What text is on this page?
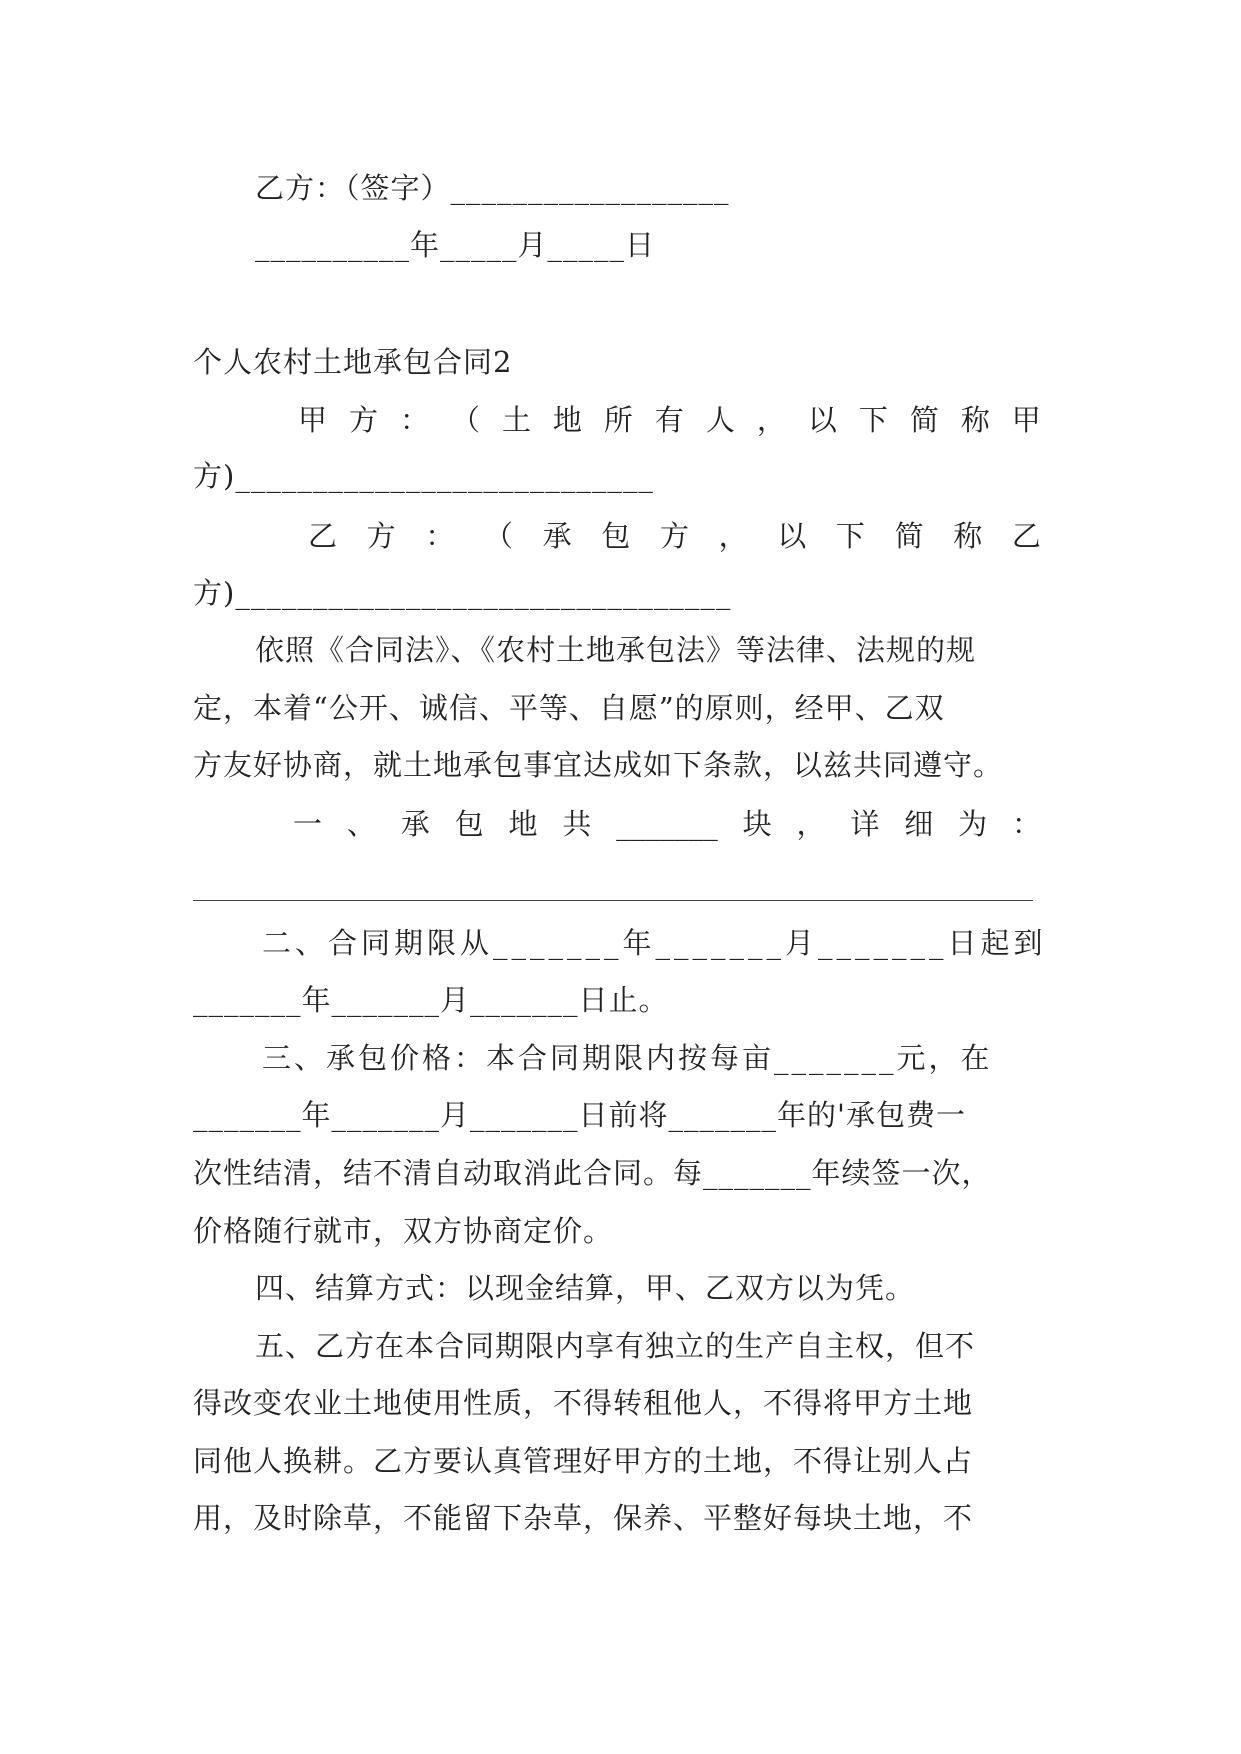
乙方：（签字）__________________
__________年_____月_____日
个人农村土地承包合同2
甲 方 ： （ 土 地 所 有 人 ， 以 下 简 称 甲
方)___________________________
乙 方 ： （ 承 包 方 ， 以 下 简 称 乙
方)________________________________
依照《合同法》、《农村土地承包法》等法律、法规的规
定，本着“公开、诚信、平等、自愿”的原则，经甲、乙双
方友好协商，就土地承包事宜达成如下条款，以兹共同遵守。
一 、 承 包 地 共 _______ 块 ， 详 细 为 ：
二、合同期限从_______年_______月_______日起到
_______年_______月_______日止。
三、承包价格：本合同期限内按每亩_______元，在
_______年_______月_______日前将_______年的'承包费一
次性结清，结不清自动取消此合同。每_______年续签一次，
价格随行就市，双方协商定价。
四、结算方式：以现金结算，甲、乙双方以为凭。
五、乙方在本合同期限内享有独立的生产自主权，但不
得改变农业土地使用性质，不得转租他人，不得将甲方土地
同他人换耕。乙方要认真管理好甲方的土地，不得让别人占
用，及时除草，不能留下杂草，保养、平整好每块土地，不
